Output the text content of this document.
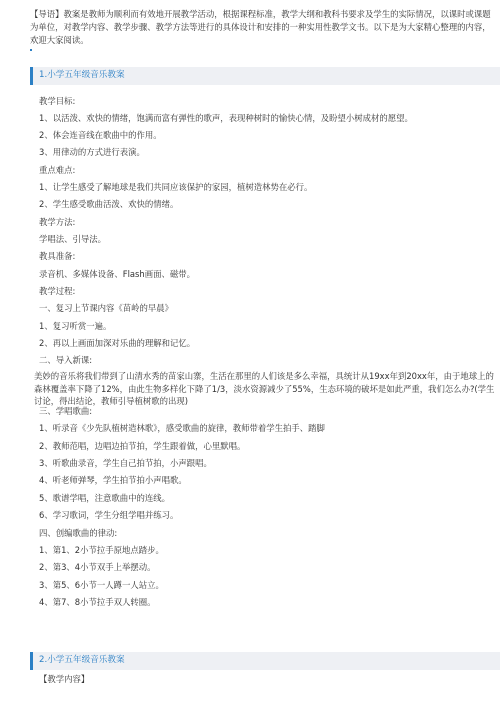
【导语】教案是教师为顺利而有效地开展教学活动，根据课程标准，教学大纲和教科书要求及学生的实际情况，以课时或课题为单位，对教学内容、教学步骤、教学方法等进行的具体设计和安排的一种实用性教学文书。以下是为大家精心整理的内容，欢迎大家阅读。
1.小学五年级音乐教案
教学目标:
1、以活泼、欢快的情绪，饱满而富有弹性的歌声，表现种树时的愉快心情，及盼望小树成材的愿望。
2、体会连音线在歌曲中的作用。
3、用律动的方式进行表演。
重点难点:
1、让学生感受了解地球是我们共同应该保护的家园，植树造林势在必行。
2、学生感受歌曲活泼、欢快的情绪。
教学方法:
学唱法、引导法。
教具准备:
录音机、多媒体设备、Flash画面、磁带。
教学过程:
一、复习上节课内容《苗岭的早晨》
1、复习听赏一遍。
2、再以上画面加深对乐曲的理解和记忆。
二、导入新课:
美妙的音乐将我们带到了山清水秀的苗家山寨，生活在那里的人们该是多么幸福，具统计从19xx年到20xx年，由于地球上的森林覆盖率下降了12%，由此生物多样化下降了1/3，淡水资源减少了55%，生态环境的破坏是如此严重，我们怎么办?(学生讨论，得出结论，教师引导植树歌的出现)
三、学唱歌曲:
1、听录音《少先队植树造林歌》，感受歌曲的旋律，教师带着学生拍手、踏脚
2、教师范唱，边唱边拍节拍，学生跟着做，心里默唱。
3、听歌曲录音，学生自己拍节拍，小声跟唱。
4、听老师弹琴，学生拍节拍小声唱歌。
5、歌谱学唱，注意歌曲中的连线。
6、学习歌词，学生分组学唱并练习。
四、创编歌曲的律动:
1、第1、2小节拉手原地点踏步。
2、第3、4小节双手上举摆动。
3、第5、6小节一人蹲一人站立。
4、第7、8小节拉手双人转圈。
2.小学五年级音乐教案
【教学内容】
